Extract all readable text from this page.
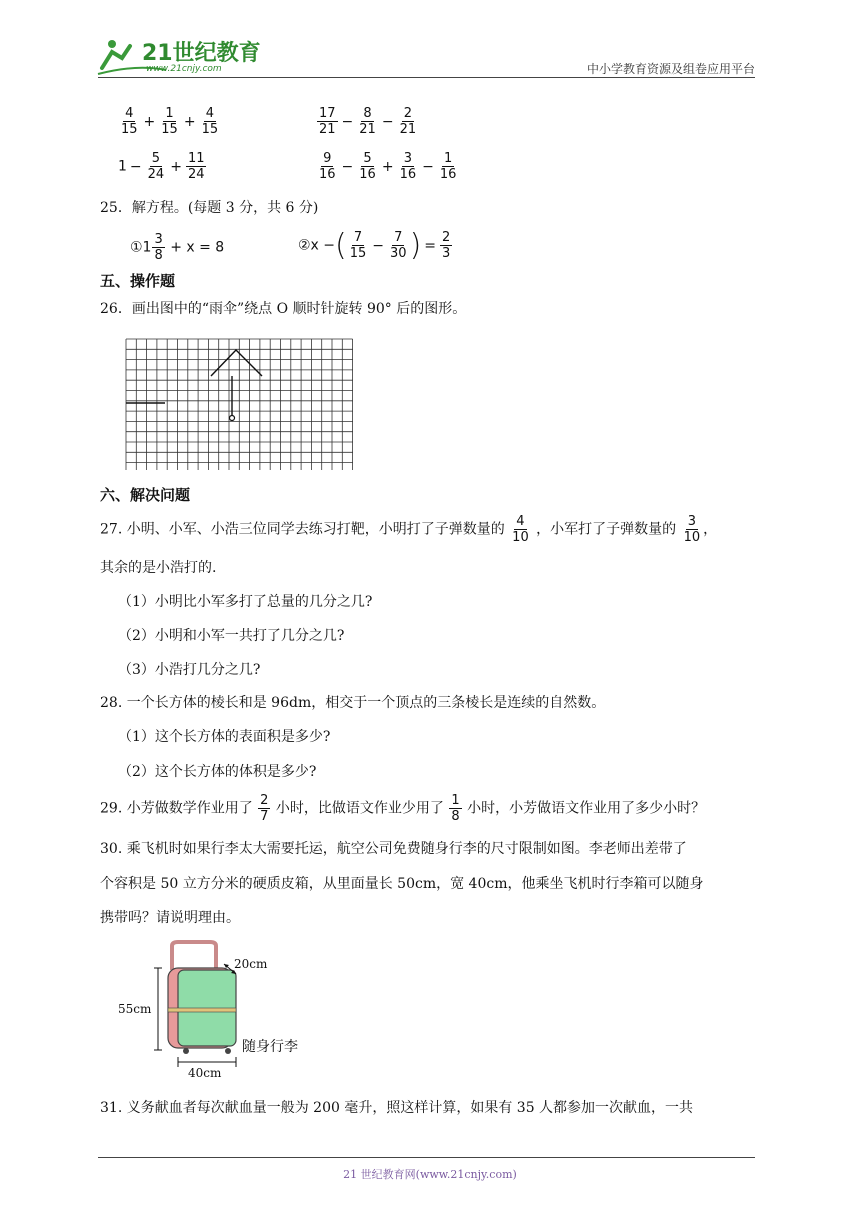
21世纪教育
www.21cnjy.com	中小学教育资源及组卷应用平台
$\frac{4}{15} + \frac{1}{15} + \frac{4}{15}$	$\frac{17}{21} - \frac{8}{21} - \frac{2}{21}$
$1 - \frac{5}{24} + \frac{11}{24}$	$\frac{9}{16} - \frac{5}{16} + \frac{3}{16} - \frac{1}{16}$
25．解方程。(每题 3 分，共 6 分)
①1 $\frac{3}{8} + x = 8$	②x −( $\frac{7}{15} - \frac{7}{30}$ ) = $\frac{2}{3}$
五、操作题
26．画出图中的“雨伞”绕点 O 顺时针旋转 90° 后的图形。
六、解决问题
27. 小明、小军、小浩三位同学去练习打靶，小明打了子弹数量的 $\frac{4}{10}$ ，小军打了子弹数量的 $\frac{3}{10}$ ，
其余的是小浩打的.
（1）小明比小军多打了总量的几分之几?
（2）小明和小军一共打了几分之几?
（3）小浩打几分之几?
28. 一个长方体的棱长和是 96dm，相交于一个顶点的三条棱长是连续的自然数。
（1）这个长方体的表面积是多少?
（2）这个长方体的体积是多少?
29. 小芳做数学作业用了 $\frac{2}{7}$ 小时，比做语文作业少用了 $\frac{1}{8}$ 小时，小芳做语文作业用了多少小时？
30. 乘飞机时如果行李太大需要托运，航空公司免费随身行李的尺寸限制如图。李老师出差带了
个容积是 50 立方分米的硬质皮箱，从里面量长 50cm，宽 40cm，他乘坐飞机时行李箱可以随身
携带吗？请说明理由。
20cm
55cm
40cm
随身行李
31. 义务献血者每次献血量一般为 200 毫升，照这样计算，如果有 35 人都参加一次献血，一共
21 世纪教育网(www.21cnjy.com)
